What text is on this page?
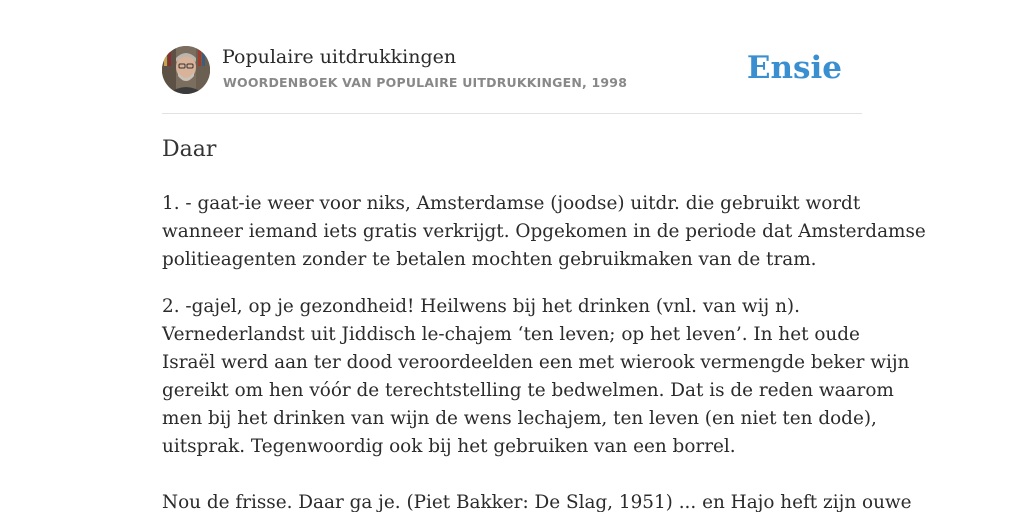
Populaire uitdrukkingen
WOORDENBOEK VAN POPULAIRE UITDRUKKINGEN, 1998	Ensie
Daar

1. - gaat-ie weer voor niks, Amsterdamse (joodse) uitdr. die gebruikt wordt
wanneer iemand iets gratis verkrijgt. Opgekomen in de periode dat Amsterdamse
politieagenten zonder te betalen mochten gebruikmaken van de tram.

2. -gajel, op je gezondheid! Heilwens bij het drinken (vnl. van wij n).
Vernederlandst uit Jiddisch le-chajem ‘ten leven; op het leven’. In het oude
Israël werd aan ter dood veroordeelden een met wierook vermengde beker wijn
gereikt om hen vóór de terechtstelling te bedwelmen. Dat is de reden waarom
men bij het drinken van wijn de wens lechajem, ten leven (en niet ten dode),
uitsprak. Tegenwoordig ook bij het gebruiken van een borrel.

Nou de frisse. Daar ga je. (Piet Bakker: De Slag, 1951) ... en Hajo heft zijn ouwe
